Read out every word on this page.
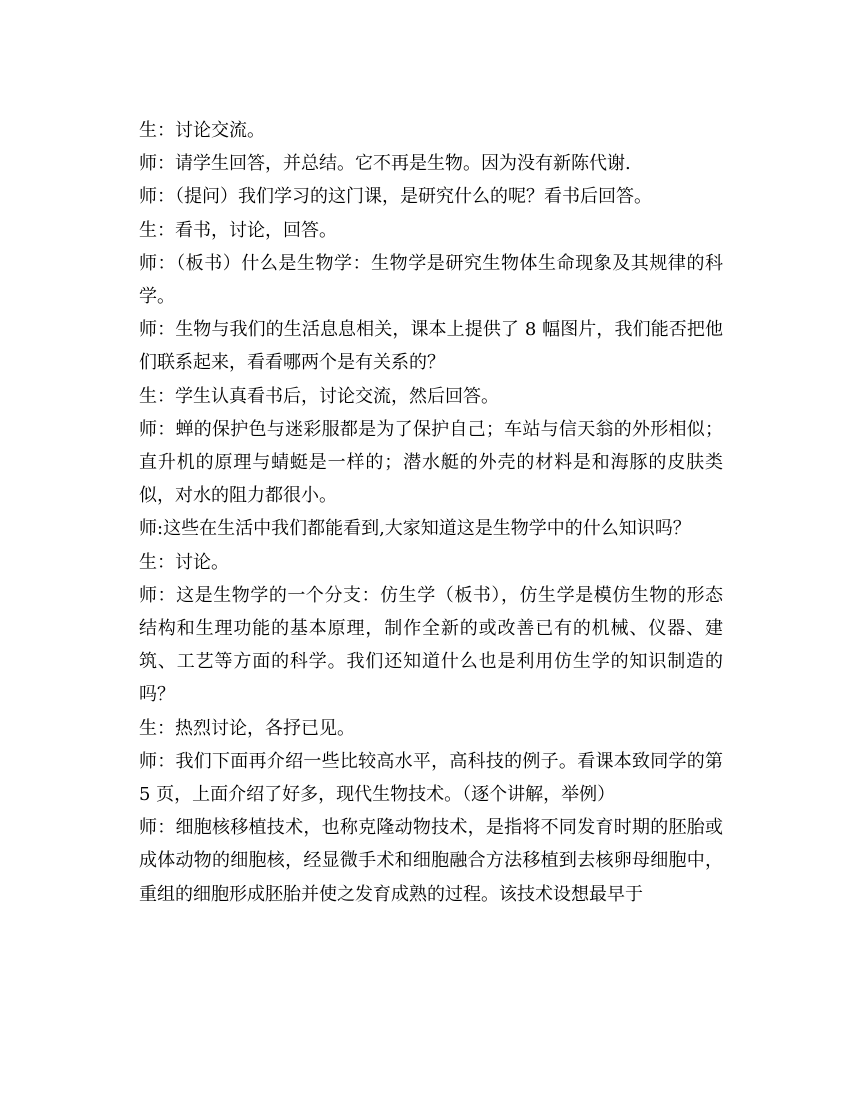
生：讨论交流。

师：请学生回答，并总结。它不再是生物。因为没有新陈代谢.

师：（提问）我们学习的这门课，是研究什么的呢？看书后回答。

生：看书，讨论，回答。

师：（板书）什么是生物学：生物学是研究生物体生命现象及其规律的科学。

师：生物与我们的生活息息相关，课本上提供了 8 幅图片，我们能否把他们联系起来，看看哪两个是有关系的？

生：学生认真看书后，讨论交流，然后回答。

师：蝉的保护色与迷彩服都是为了保护自己；车站与信天翁的外形相似；直升机的原理与蜻蜓是一样的；潜水艇的外壳的材料是和海豚的皮肤类似，对水的阻力都很小。

师:这些在生活中我们都能看到,大家知道这是生物学中的什么知识吗？

生：讨论。

师：这是生物学的一个分支：仿生学（板书），仿生学是模仿生物的形态结构和生理功能的基本原理，制作全新的或改善已有的机械、仪器、建筑、工艺等方面的科学。我们还知道什么也是利用仿生学的知识制造的吗？

生：热烈讨论，各抒已见。

师：我们下面再介绍一些比较高水平，高科技的例子。看课本致同学的第 5 页，上面介绍了好多，现代生物技术。（逐个讲解，举例）

师：细胞核移植技术，也称克隆动物技术，是指将不同发育时期的胚胎或成体动物的细胞核，经显微手术和细胞融合方法移植到去核卵母细胞中，重组的细胞形成胚胎并使之发育成熟的过程。该技术设想最早于
